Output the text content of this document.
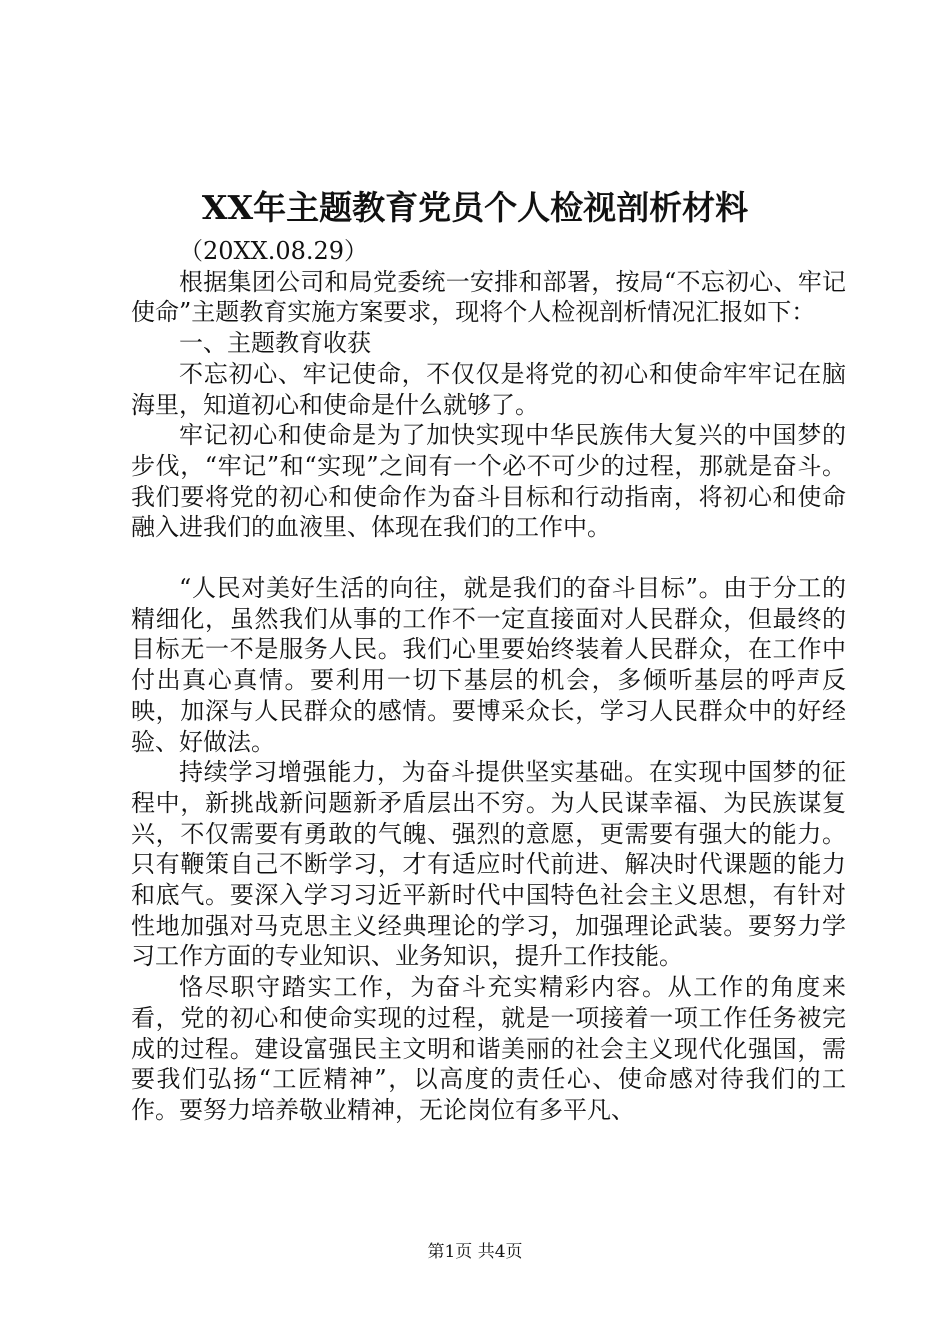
XX年主题教育党员个人检视剖析材料

（20XX.08.29）

根据集团公司和局党委统一安排和部署，按局“不忘初心、牢记使命”主题教育实施方案要求，现将个人检视剖析情况汇报如下：

一、主题教育收获

不忘初心、牢记使命，不仅仅是将党的初心和使命牢牢记在脑海里，知道初心和使命是什么就够了。

牢记初心和使命是为了加快实现中华民族伟大复兴的中国梦的步伐，“牢记”和“实现”之间有一个必不可少的过程，那就是奋斗。我们要将党的初心和使命作为奋斗目标和行动指南，将初心和使命融入进我们的血液里、体现在我们的工作中。

“人民对美好生活的向往，就是我们的奋斗目标”。由于分工的精细化，虽然我们从事的工作不一定直接面对人民群众，但最终的目标无一不是服务人民。我们心里要始终装着人民群众，在工作中付出真心真情。要利用一切下基层的机会，多倾听基层的呼声反映，加深与人民群众的感情。要博采众长，学习人民群众中的好经验、好做法。

持续学习增强能力，为奋斗提供坚实基础。在实现中国梦的征程中，新挑战新问题新矛盾层出不穷。为人民谋幸福、为民族谋复兴，不仅需要有勇敢的气魄、强烈的意愿，更需要有强大的能力。只有鞭策自己不断学习，才有适应时代前进、解决时代课题的能力和底气。要深入学习习近平新时代中国特色社会主义思想，有针对性地加强对马克思主义经典理论的学习，加强理论武装。要努力学习工作方面的专业知识、业务知识，提升工作技能。

恪尽职守踏实工作，为奋斗充实精彩内容。从工作的角度来看，党的初心和使命实现的过程，就是一项接着一项工作任务被完成的过程。建设富强民主文明和谐美丽的社会主义现代化强国，需要我们弘扬“工匠精神”，以高度的责任心、使命感对待我们的工作。要努力培养敬业精神，无论岗位有多平凡、

第1页 共4页
